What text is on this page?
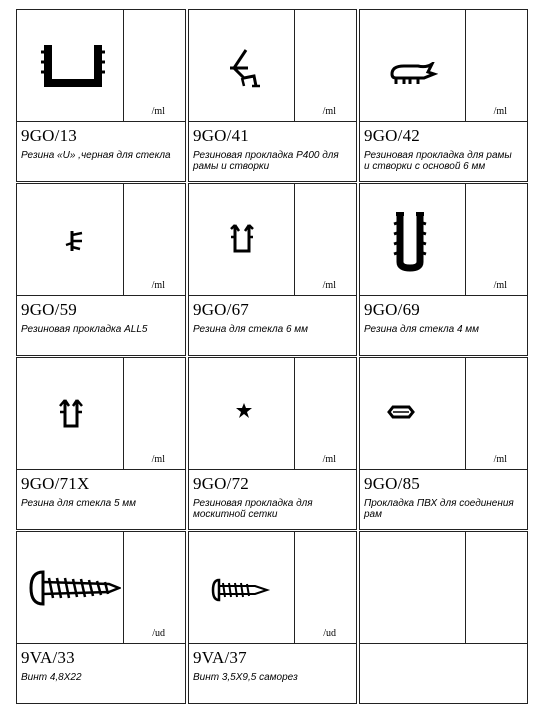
/ml
9GO/13
Резина «U» ,черная для стекла
/ml
9GO/41
Резиновая прокладка Р400 для
рамы и створки
/ml
9GO/42
Резиновая прокладка для рамы
и створки с основой 6 мм
/ml
9GO/59
Резиновая прокладка ALL5
/ml
9GO/67
Резина для стекла 6 мм
/ml
9GO/69
Резина для стекла 4 мм
/ml
9GO/71X
Резина для стекла 5 мм
/ml
9GO/72
Резиновая прокладка для
москитной сетки
/ml
9GO/85
Прокладка ПВХ для соединения
рам
/ud
9VA/33
Винт 4,8X22
/ud
9VA/37
Винт 3,5X9,5 саморез
